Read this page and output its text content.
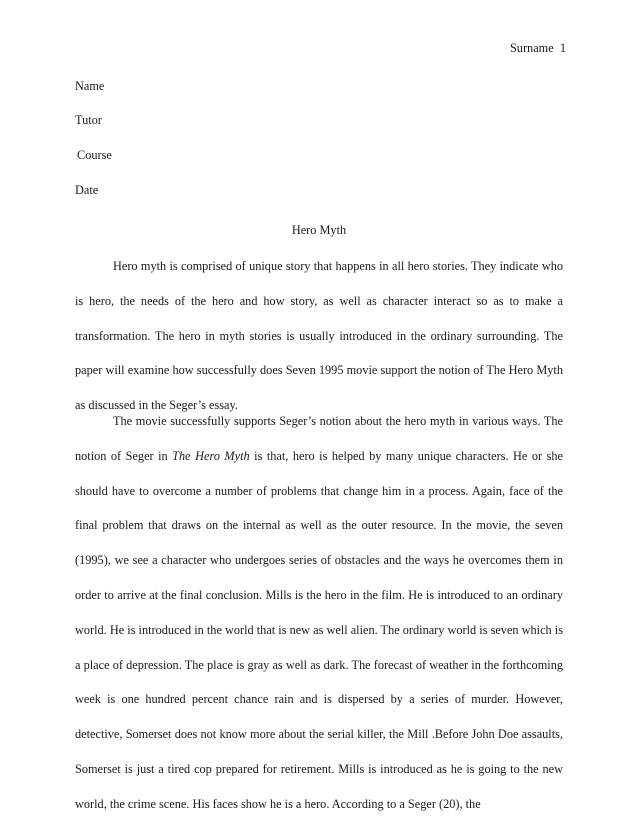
Surname 1
Name
Tutor
Course
Date
Hero Myth

Hero myth is comprised of unique story that happens in all hero stories. They indicate who is hero, the needs of the hero and how story, as well as character interact so as to make a transformation. The hero in myth stories is usually introduced in the ordinary surrounding. The paper will examine how successfully does Seven 1995 movie support the notion of The Hero Myth as discussed in the Seger’s essay.

The movie successfully supports Seger’s notion about the hero myth in various ways. The notion of Seger in The Hero Myth is that, hero is helped by many unique characters. He or she should have to overcome a number of problems that change him in a process. Again, face of the final problem that draws on the internal as well as the outer resource. In the movie, the seven (1995), we see a character who undergoes series of obstacles and the ways he overcomes them in order to arrive at the final conclusion. Mills is the hero in the film. He is introduced to an ordinary world. He is introduced in the world that is new as well alien. The ordinary world is seven which is a place of depression. The place is gray as well as dark. The forecast of weather in the forthcoming week is one hundred percent chance rain and is dispersed by a series of murder. However, detective, Somerset does not know more about the serial killer, the Mill .Before John Doe assaults, Somerset is just a tired cop prepared for retirement. Mills is introduced as he is going to the new world, the crime scene. His faces show he is a hero. According to a Seger (20), the
